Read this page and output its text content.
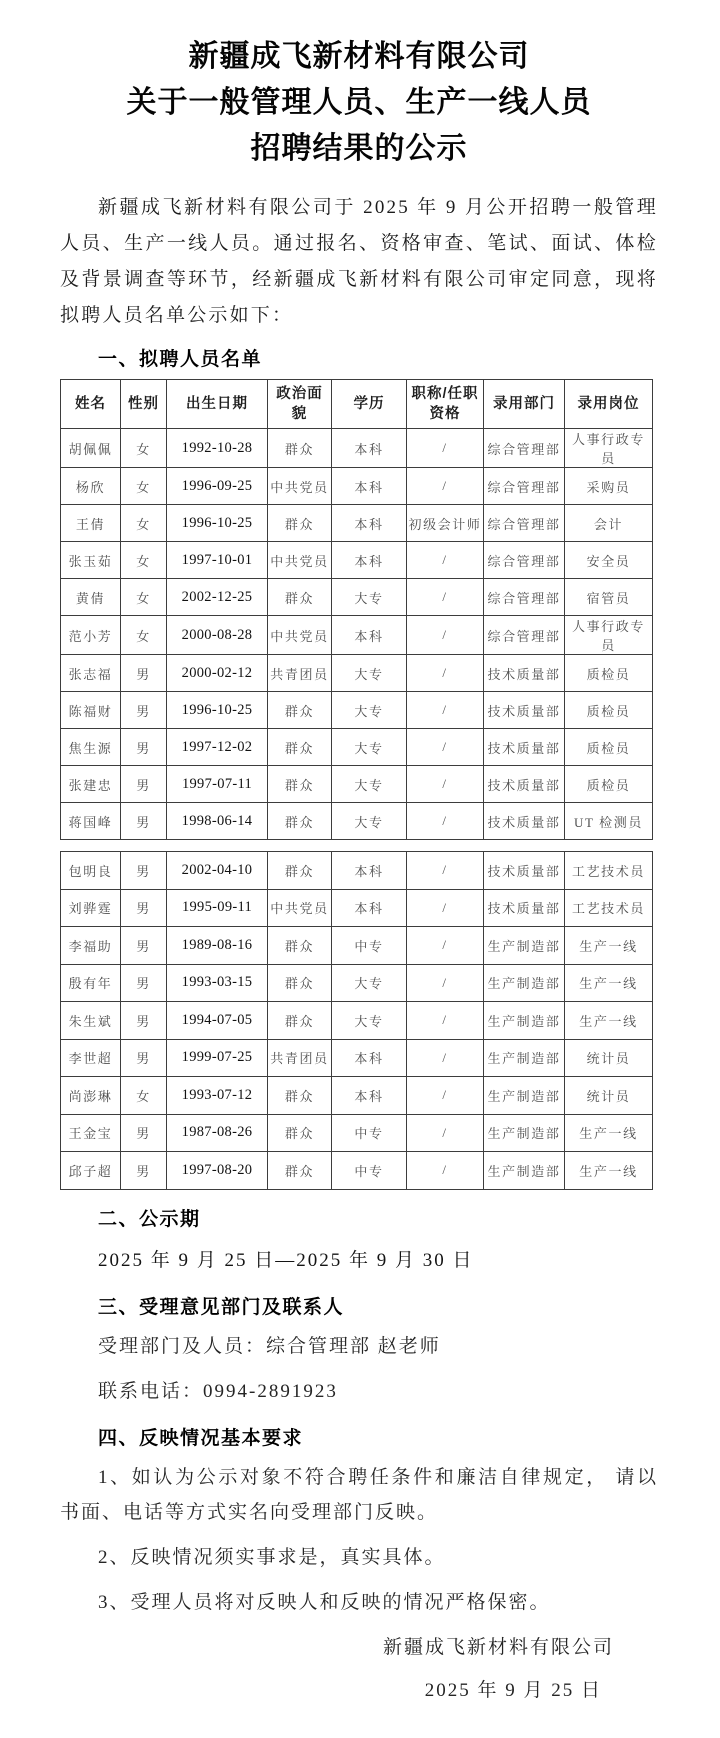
新疆成飞新材料有限公司
关于一般管理人员、生产一线人员
招聘结果的公示

新疆成飞新材料有限公司于 2025 年 9 月公开招聘一般管理人员、生产一线人员。通过报名、资格审查、笔试、面试、体检及背景调查等环节，经新疆成飞新材料有限公司审定同意，现将拟聘人员名单公示如下：

一、拟聘人员名单
姓名	性别	出生日期	政治面貌	学历	职称/任职资格	录用部门	录用岗位
胡佩佩	女	1992-10-28	群众	本科	/	综合管理部	人事行政专员
杨欣	女	1996-09-25	中共党员	本科	/	综合管理部	采购员
王倩	女	1996-10-25	群众	本科	初级会计师	综合管理部	会计
张玉茹	女	1997-10-01	中共党员	本科	/	综合管理部	安全员
黄倩	女	2002-12-25	群众	大专	/	综合管理部	宿管员
范小芳	女	2000-08-28	中共党员	本科	/	综合管理部	人事行政专员
张志福	男	2000-02-12	共青团员	大专	/	技术质量部	质检员
陈福财	男	1996-10-25	群众	大专	/	技术质量部	质检员
焦生源	男	1997-12-02	群众	大专	/	技术质量部	质检员
张建忠	男	1997-07-11	群众	大专	/	技术质量部	质检员
蒋国峰	男	1998-06-14	群众	大专	/	技术质量部	UT 检测员
包明良	男	2002-04-10	群众	本科	/	技术质量部	工艺技术员
刘骅霆	男	1995-09-11	中共党员	本科	/	技术质量部	工艺技术员
李福助	男	1989-08-16	群众	中专	/	生产制造部	生产一线
殷有年	男	1993-03-15	群众	大专	/	生产制造部	生产一线
朱生斌	男	1994-07-05	群众	大专	/	生产制造部	生产一线
李世超	男	1999-07-25	共青团员	本科	/	生产制造部	统计员
尚澎琳	女	1993-07-12	群众	本科	/	生产制造部	统计员
王金宝	男	1987-08-26	群众	中专	/	生产制造部	生产一线
邱子超	男	1997-08-20	群众	中专	/	生产制造部	生产一线
二、公示期

2025 年 9 月 25 日—2025 年 9 月 30 日

三、受理意见部门及联系人

受理部门及人员：综合管理部 赵老师

联系电话：0994-2891923

四、反映情况基本要求

1、如认为公示对象不符合聘任条件和廉洁自律规定， 请以书面、电话等方式实名向受理部门反映。

2、反映情况须实事求是，真实具体。

3、受理人员将对反映人和反映的情况严格保密。

新疆成飞新材料有限公司

2025 年 9 月 25 日
